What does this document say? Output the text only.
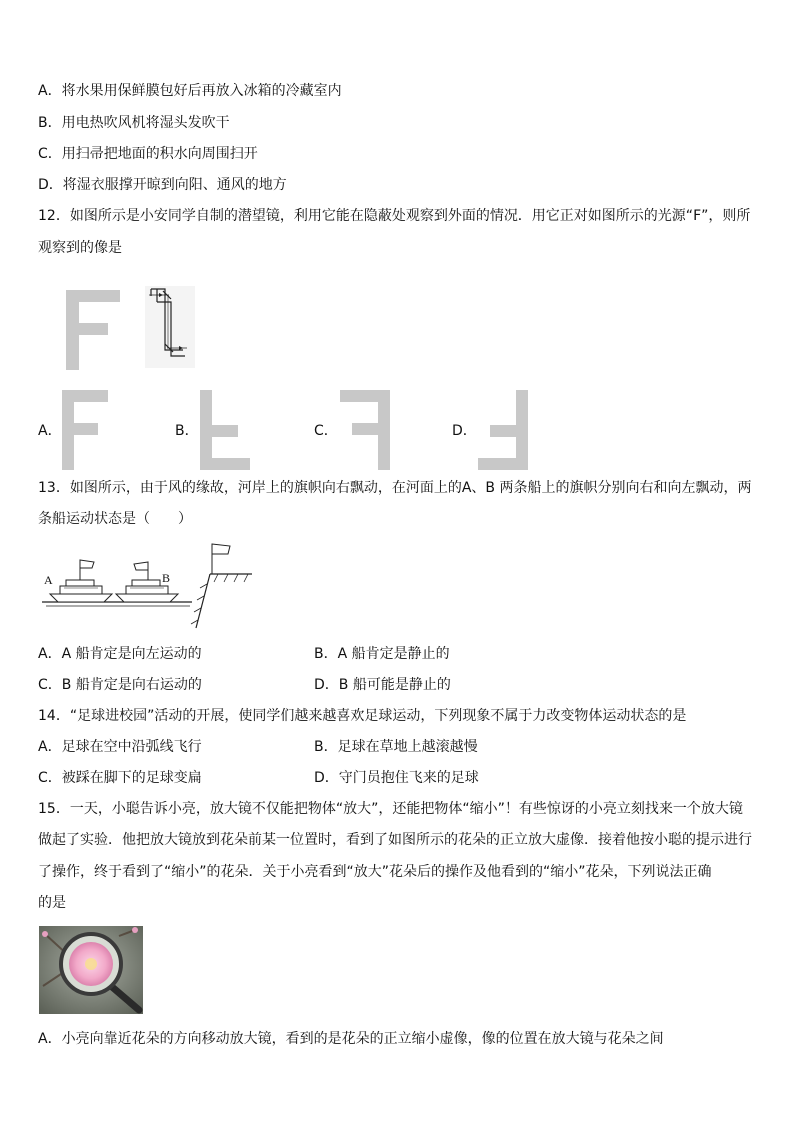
A．将水果用保鲜膜包好后再放入冰箱的冷藏室内
B．用电热吹风机将湿头发吹干
C．用扫帚把地面的积水向周围扫开
D．将湿衣服撑开晾到向阳、通风的地方
12．如图所示是小安同学自制的潜望镜，利用它能在隐蔽处观察到外面的情况．用它正对如图所示的光源“F”，则所
观察到的像是
A．	B．	C．	D．
13．如图所示，由于风的缘故，河岸上的旗帜向右飘动，在河面上的A、B 两条船上的旗帜分别向右和向左飘动，两
条船运动状态是（　　）
A	B
A．A 船肯定是向左运动的	B．A 船肯定是静止的
C．B 船肯定是向右运动的	D．B 船可能是静止的
14．“足球进校园”活动的开展，使同学们越来越喜欢足球运动，下列现象不属于力改变物体运动状态的是
A．足球在空中沿弧线飞行	B．足球在草地上越滚越慢
C．被踩在脚下的足球变扁	D．守门员抱住飞来的足球
15．一天，小聪告诉小亮，放大镜不仅能把物体“放大”，还能把物体“缩小”！有些惊讶的小亮立刻找来一个放大镜
做起了实验．他把放大镜放到花朵前某一位置时，看到了如图所示的花朵的正立放大虚像．接着他按小聪的提示进行
了操作，终于看到了“缩小”的花朵．关于小亮看到“放大”花朵后的操作及他看到的“缩小”花朵，下列说法正确
的是
A．小亮向靠近花朵的方向移动放大镜，看到的是花朵的正立缩小虚像，像的位置在放大镜与花朵之间
